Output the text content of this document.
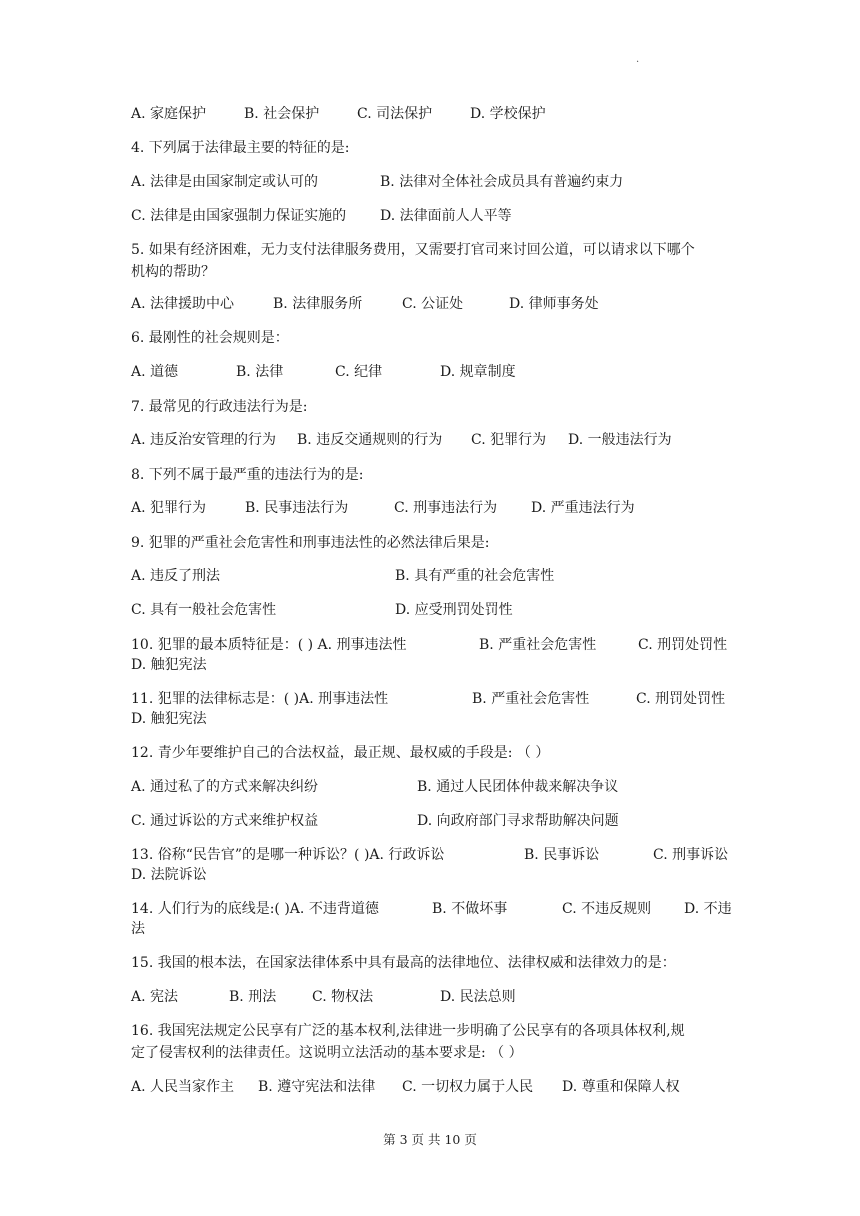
.
A. 家庭保护	B. 社会保护	C. 司法保护	D. 学校保护
4. 下列属于法律最主要的特征的是:
A. 法律是由国家制定或认可的	B. 法律对全体社会成员具有普遍约束力
C. 法律是由国家强制力保证实施的 D. 法律面前人人平等
5. 如果有经济困难，无力支付法律服务费用，又需要打官司来讨回公道，可以请求以下哪个
机构的帮助？
A. 法律援助中心	B. 法律服务所	C. 公证处	D. 律师事务处
6. 最刚性的社会规则是：
A. 道德	B. 法律	C. 纪律	D. 规章制度
7. 最常见的行政违法行为是:
A. 违反治安管理的行为 B. 违反交通规则的行为 C. 犯罪行为 D. 一般违法行为
8. 下列不属于最严重的违法行为的是:
A. 犯罪行为	B. 民事违法行为	C. 刑事违法行为 D. 严重违法行为
9. 犯罪的严重社会危害性和刑事违法性的必然法律后果是:
A. 违反了刑法	B. 具有严重的社会危害性
C. 具有一般社会危害性	D. 应受刑罚处罚性
10. 犯罪的最本质特征是：( ) A. 刑事违法性	B. 严重社会危害性	C. 刑罚处罚性
D. 触犯宪法
11. 犯罪的法律标志是：( )A. 刑事违法性	B. 严重社会危害性	C. 刑罚处罚性
D. 触犯宪法
12. 青少年要维护自己的合法权益，最正规、最权威的手段是: （ ）
A. 通过私了的方式来解决纠纷	B. 通过人民团体仲裁来解决争议
C. 通过诉讼的方式来维护权益	D. 向政府部门寻求帮助解决问题
13. 俗称“民告官”的是哪一种诉讼？( )A. 行政诉讼	B. 民事诉讼	C. 刑事诉讼
D. 法院诉讼
14. 人们行为的底线是:( )A. 不违背道德	B. 不做坏事	C. 不违反规则 D. 不违
法
15. 我国的根本法，在国家法律体系中具有最高的法律地位、法律权威和法律效力的是：
A. 宪法	B. 刑法	C. 物权法	D. 民法总则
16. 我国宪法规定公民享有广泛的基本权利,法律进一步明确了公民享有的各项具体权利,规
定了侵害权利的法律责任。这说明立法活动的基本要求是: （ ）
A. 人民当家作主 B. 遵守宪法和法律 C. 一切权力属于人民 D. 尊重和保障人权
第 3 页 共 10 页
